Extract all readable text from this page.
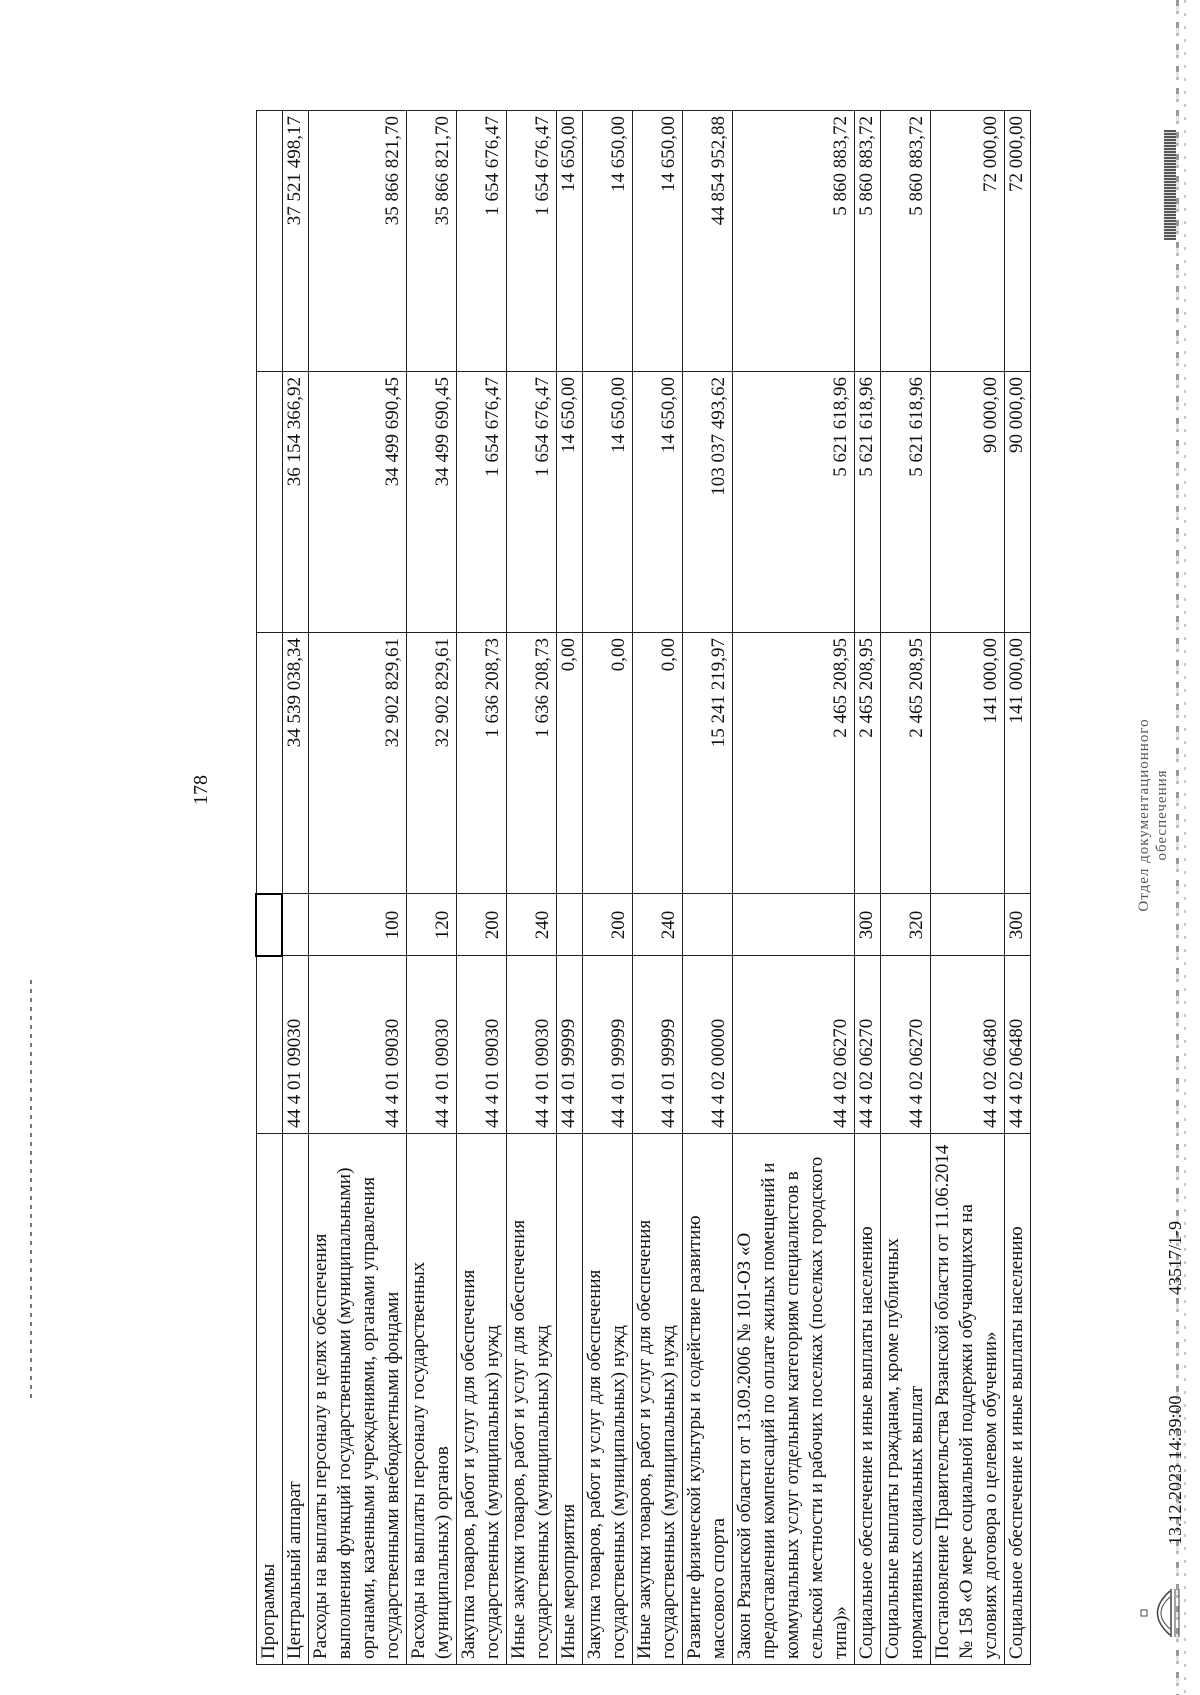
178
Программы					
Центральный аппарат	44 4 01 09030		34 539 038,34	36 154 366,92	37 521 498,17
Расходы на выплаты персоналу в целях обеспечения выполнения функций государственными (муниципальными) органами, казенными учреждениями, органами управления государственными внебюджетными фондами	44 4 01 09030	100	32 902 829,61	34 499 690,45	35 866 821,70
Расходы на выплаты персоналу государственных (муниципальных) органов	44 4 01 09030	120	32 902 829,61	34 499 690,45	35 866 821,70
Закупка товаров, работ и услуг для обеспечения государственных (муниципальных) нужд	44 4 01 09030	200	1 636 208,73	1 654 676,47	1 654 676,47
Иные закупки товаров, работ и услуг для обеспечения государственных (муниципальных) нужд	44 4 01 09030	240	1 636 208,73	1 654 676,47	1 654 676,47
Иные мероприятия	44 4 01 99999		0,00	14 650,00	14 650,00
Закупка товаров, работ и услуг для обеспечения государственных (муниципальных) нужд	44 4 01 99999	200	0,00	14 650,00	14 650,00
Иные закупки товаров, работ и услуг для обеспечения государственных (муниципальных) нужд	44 4 01 99999	240	0,00	14 650,00	14 650,00
Развитие физической культуры и содействие развитию массового спорта	44 4 02 00000		15 241 219,97	103 037 493,62	44 854 952,88
Закон Рязанской области от 13.09.2006 № 101-ОЗ «О предоставлении компенсаций по оплате жилых помещений и коммунальных услуг отдельным категориям специалистов в сельской местности и рабочих поселках (поселках городского типа)»	44 4 02 06270		2 465 208,95	5 621 618,96	5 860 883,72
Социальное обеспечение и иные выплаты населению	44 4 02 06270	300	2 465 208,95	5 621 618,96	5 860 883,72
Социальные выплаты гражданам, кроме публичных нормативных социальных выплат	44 4 02 06270	320	2 465 208,95	5 621 618,96	5 860 883,72
Постановление Правительства Рязанской области от 11.06.2014 № 158 «О мере социальной поддержки обучающихся на условиях договора о целевом обучении»	44 4 02 06480		141 000,00	90 000,00	72 000,00
Социальное обеспечение и иные выплаты населению	44 4 02 06480	300	141 000,00	90 000,00	72 000,00
13.12.2023 14:39:00
43517/1-9
Отдел документационного обеспечения
